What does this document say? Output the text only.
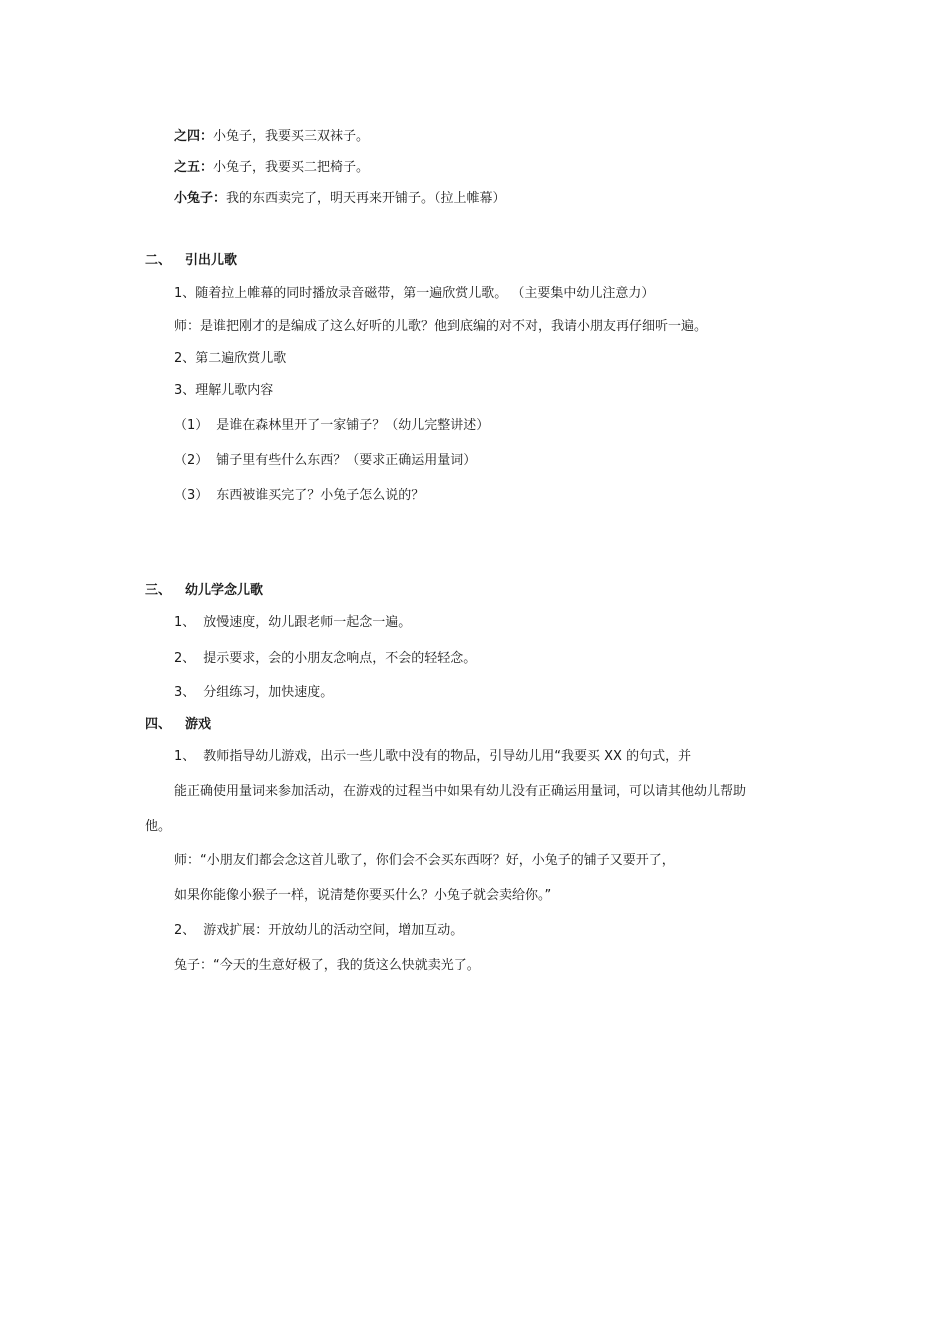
之四：小兔子，我要买三双袜子。
之五：小兔子，我要买二把椅子。
小兔子：我的东西卖完了，明天再来开铺子。（拉上帷幕）
二、 引出儿歌
1、随着拉上帷幕的同时播放录音磁带，第一遍欣赏儿歌。 （主要集中幼儿注意力）
师：是谁把刚才的是编成了这么好听的儿歌？他到底编的对不对，我请小朋友再仔细听一遍。
2、第二遍欣赏儿歌
3、理解儿歌内容
（1） 是谁在森林里开了一家铺子？（幼儿完整讲述）
（2） 铺子里有些什么东西？（要求正确运用量词）
（3） 东西被谁买完了？小兔子怎么说的？
三、 幼儿学念儿歌
1、 放慢速度，幼儿跟老师一起念一遍。
2、 提示要求，会的小朋友念响点，不会的轻轻念。
3、 分组练习，加快速度。
四、 游戏
1、 教师指导幼儿游戏，出示一些儿歌中没有的物品，引导幼儿用“我要买 XX 的句式，并
能正确使用量词来参加活动，在游戏的过程当中如果有幼儿没有正确运用量词，可以请其他幼儿帮助
他。
师：“小朋友们都会念这首儿歌了，你们会不会买东西呀？好，小兔子的铺子又要开了，
如果你能像小猴子一样，说清楚你要买什么？小兔子就会卖给你。”
2、 游戏扩展：开放幼儿的活动空间，增加互动。
兔子：“今天的生意好极了，我的货这么快就卖光了。
